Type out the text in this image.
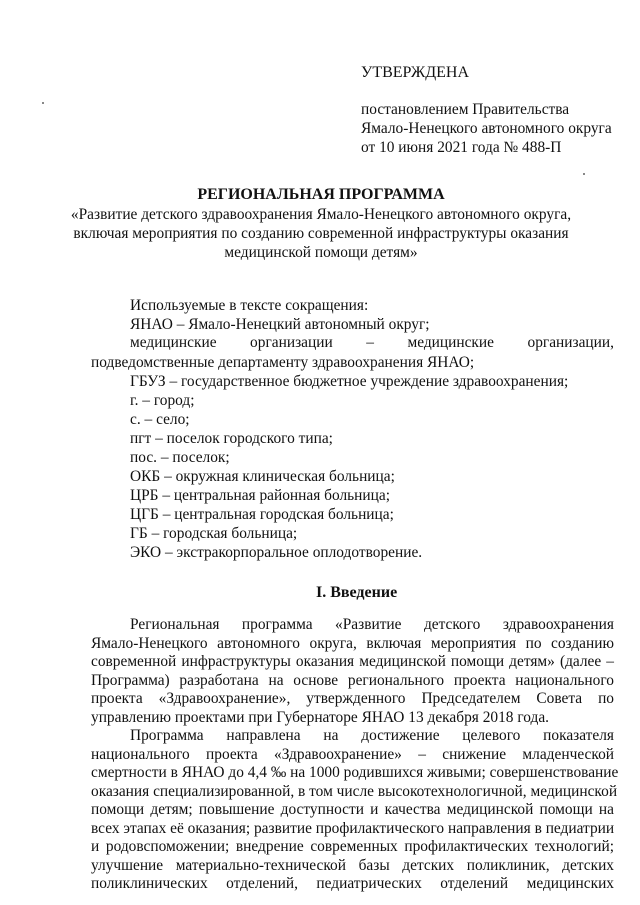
УТВЕРЖДЕНА
постановлением Правительства
Ямало-Ненецкого автономного округа
от 10 июня 2021 года № 488-П
РЕГИОНАЛЬНАЯ ПРОГРАММА
«Развитие детского здравоохранения Ямало-Ненецкого автономного округа,
включая мероприятия по созданию современной инфраструктуры оказания
медицинской помощи детям»
Используемые в тексте сокращения:
ЯНАО – Ямало-Ненецкий автономный округ;
медицинские организации – медицинские организации,
подведомственные департаменту здравоохранения ЯНАО;
ГБУЗ – государственное бюджетное учреждение здравоохранения;
г. – город;
с. – село;
пгт – поселок городского типа;
пос. – поселок;
ОКБ – окружная клиническая больница;
ЦРБ – центральная районная больница;
ЦГБ – центральная городская больница;
ГБ – городская больница;
ЭКО – экстракорпоральное оплодотворение.
I. Введение
Региональная программа «Развитие детского здравоохранения
Ямало-Ненецкого автономного округа, включая мероприятия по созданию
современной инфраструктуры оказания медицинской помощи детям» (далее –
Программа) разработана на основе регионального проекта национального
проекта «Здравоохранение», утвержденного Председателем Совета по
управлению проектами при Губернаторе ЯНАО 13 декабря 2018 года.
Программа направлена на достижение целевого показателя
национального проекта «Здравоохранение» – снижение младенческой
смертности в ЯНАО до 4,4 ‰ на 1000 родившихся живыми; совершенствование
оказания специализированной, в том числе высокотехнологичной, медицинской
помощи детям; повышение доступности и качества медицинской помощи на
всех этапах её оказания; развитие профилактического направления в педиатрии
и родовспоможении; внедрение современных профилактических технологий;
улучшение материально-технической базы детских поликлиник, детских
поликлинических отделений, педиатрических отделений медицинских
